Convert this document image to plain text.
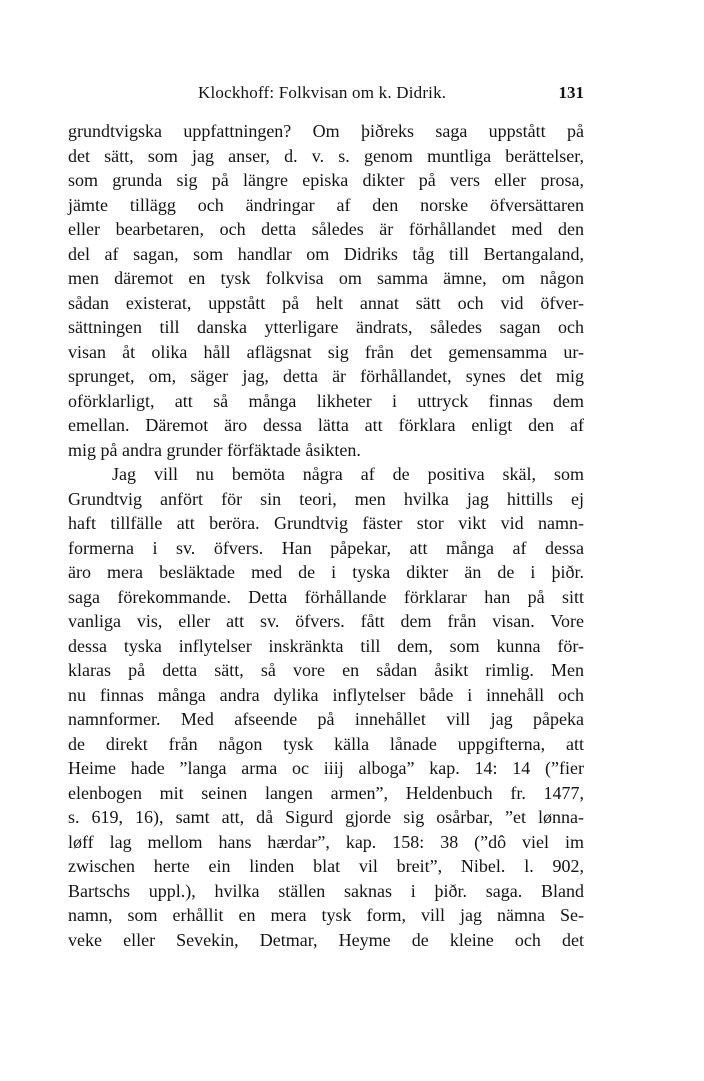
Klockhoff: Folkvisan om k. Didrik.	131
grundtvigska uppfattningen? Om þiðreks saga uppstått på
det sätt, som jag anser, d. v. s. genom muntliga berättelser,
som grunda sig på längre episka dikter på vers eller prosa,
jämte tillägg och ändringar af den norske öfversättaren
eller bearbetaren, och detta således är förhållandet med den
del af sagan, som handlar om Didriks tåg till Bertangaland,
men däremot en tysk folkvisa om samma ämne, om någon
sådan existerat, uppstått på helt annat sätt och vid öfver-
sättningen till danska ytterligare ändrats, således sagan och
visan åt olika håll aflägsnat sig från det gemensamma ur-
sprunget, om, säger jag, detta är förhållandet, synes det mig
oförklarligt, att så många likheter i uttryck finnas dem
emellan. Däremot äro dessa lätta att förklara enligt den af
mig på andra grunder förfäktade åsikten.
Jag vill nu bemöta några af de positiva skäl, som
Grundtvig anfört för sin teori, men hvilka jag hittills ej
haft tillfälle att beröra. Grundtvig fäster stor vikt vid namn-
formerna i sv. öfvers. Han påpekar, att många af dessa
äro mera besläktade med de i tyska dikter än de i þiðr.
saga förekommande. Detta förhållande förklarar han på sitt
vanliga vis, eller att sv. öfvers. fått dem från visan. Vore
dessa tyska inflytelser inskränkta till dem, som kunna för-
klaras på detta sätt, så vore en sådan åsikt rimlig. Men
nu finnas många andra dylika inflytelser både i innehåll och
namnformer. Med afseende på innehållet vill jag påpeka
de direkt från någon tysk källa lånade uppgifterna, att
Heime hade ”langa arma oc iiij alboga” kap. 14: 14 (”fier
elenbogen mit seinen langen armen”, Heldenbuch fr. 1477,
s. 619, 16), samt att, då Sigurd gjorde sig osårbar, ”et lønna-
løff lag mellom hans hærdar”, kap. 158: 38 (”dô viel im
zwischen herte ein linden blat vil breit”, Nibel. l. 902,
Bartschs uppl.), hvilka ställen saknas i þiðr. saga. Bland
namn, som erhållit en mera tysk form, vill jag nämna Se-
veke eller Sevekin, Detmar, Heyme de kleine och det
